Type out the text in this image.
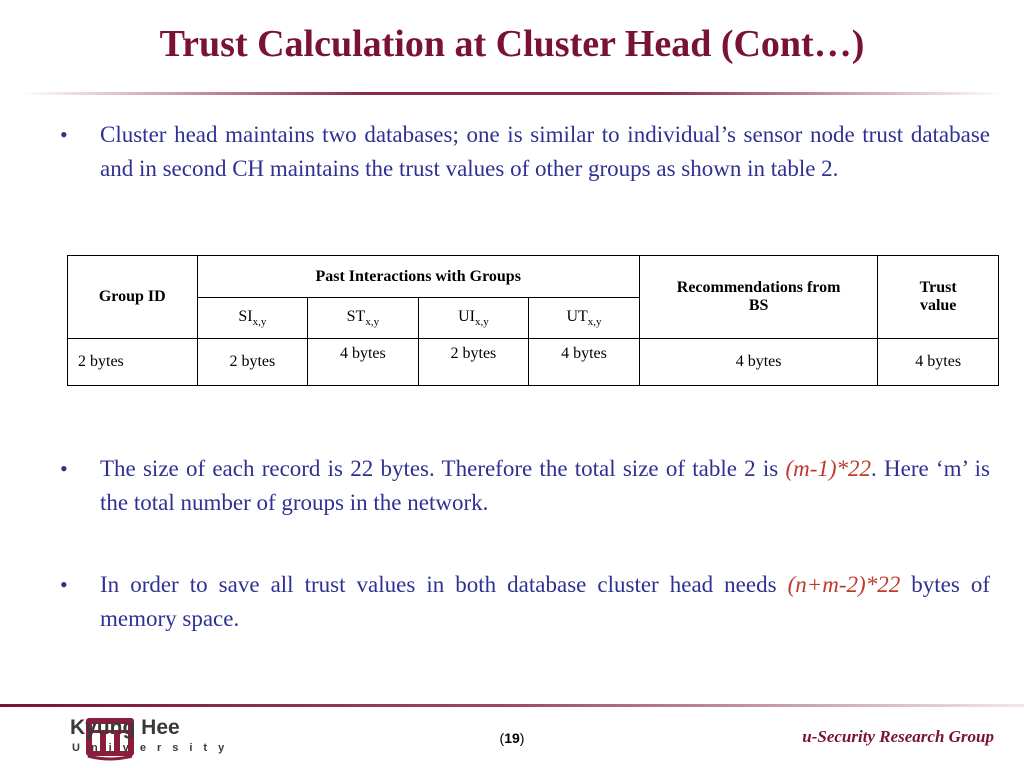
Trust Calculation at Cluster Head (Cont…)
• Cluster head maintains two databases; one is similar to individual’s sensor node trust database and in second CH maintains the trust values of other groups as shown in table 2.
Group ID	Past Interactions with Groups				Recommendations from BS	Trust value
	$SI_{x,y}$	$ST_{x,y}$	$UI_{x,y}$	$UT_{x,y}$
2 bytes	2 bytes	4 bytes	2 bytes	4 bytes	4 bytes	4 bytes
• The size of each record is 22 bytes. Therefore the total size of table 2 is (m-1)*22. Here ‘m’ is the total number of groups in the network.
• In order to save all trust values in both database cluster head needs (n+m-2)*22 bytes of memory space.
Kyung Hee
University
(19)	u-Security Research Group
